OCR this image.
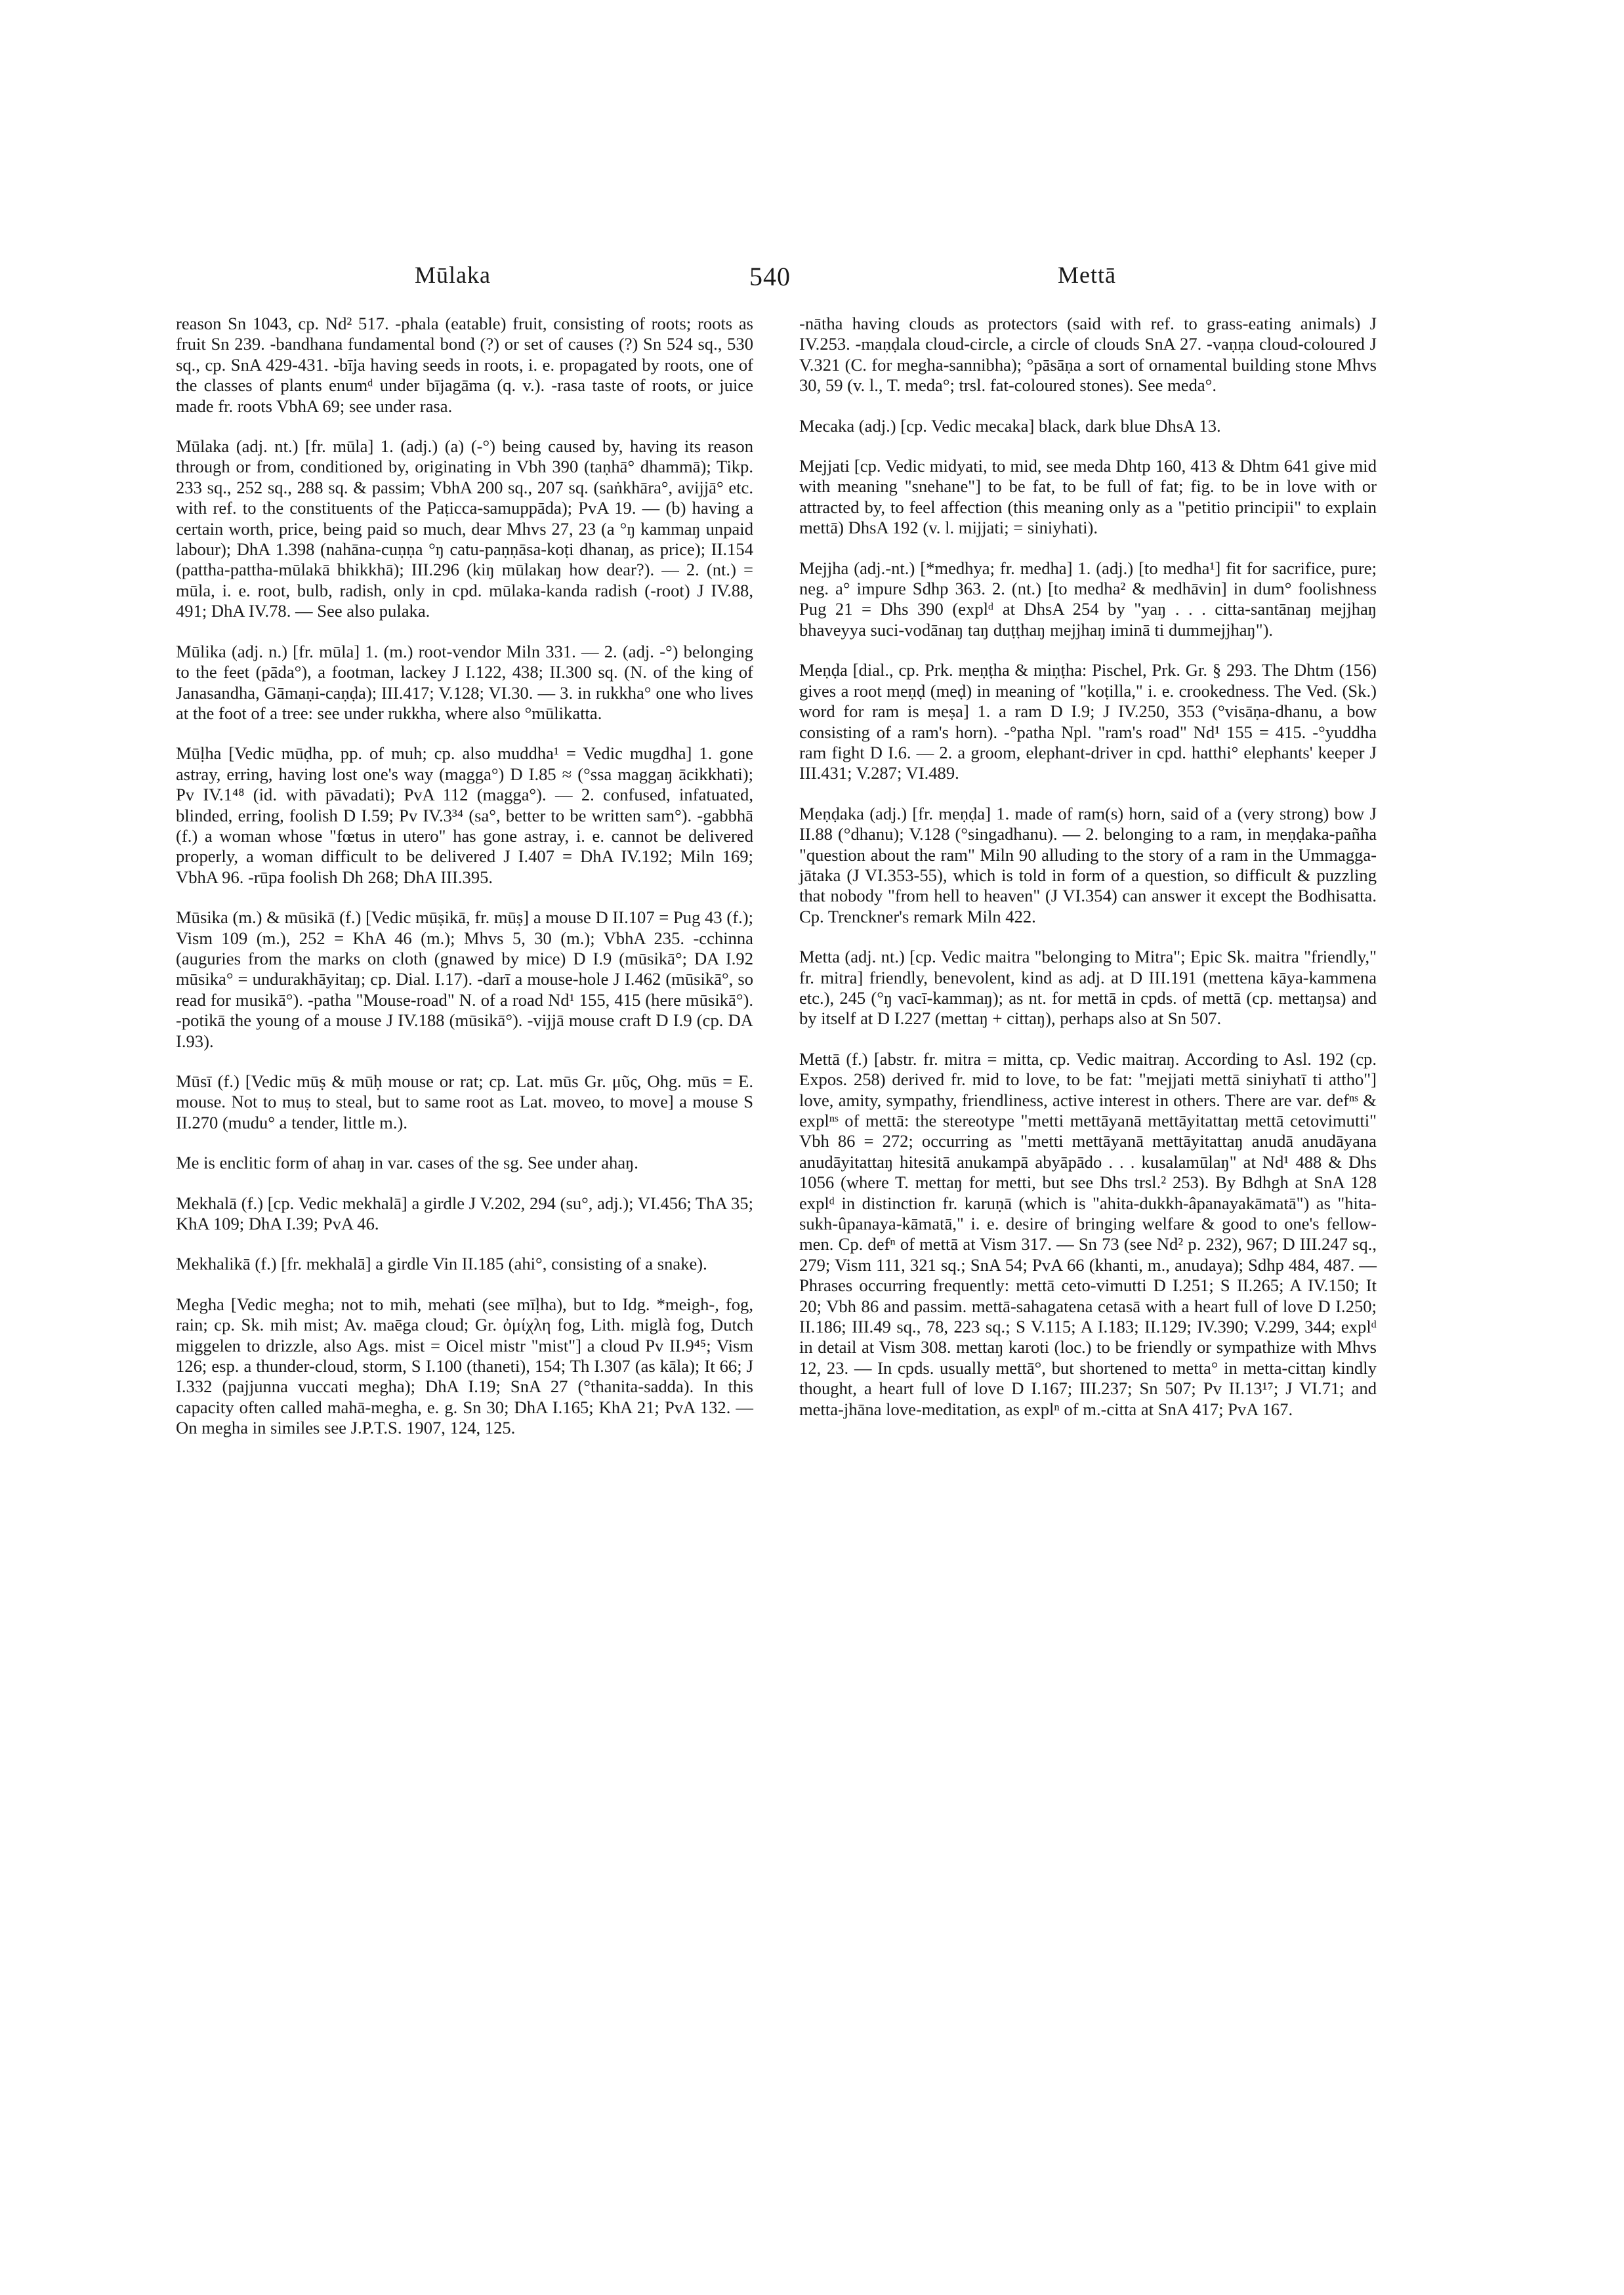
Mūlaka	540	Mettā

reason Sn 1043, cp. Nd² 517. -phala (eatable) fruit, consisting of roots; roots as fruit Sn 239. -bandhana fundamental bond (?) or set of causes (?) Sn 524 sq., 530 sq., cp. SnA 429-431. -bīja having seeds in roots, i. e. propagated by roots, one of the classes of plants enumᵈ under bījagāma (q. v.). -rasa taste of roots, or juice made fr. roots VbhA 69; see under rasa.

Mūlaka (adj. nt.) [fr. mūla] 1. (adj.) (a) (-°) being caused by, having its reason through or from, conditioned by, originating in Vbh 390 (taṇhā° dhammā); Tikp. 233 sq., 252 sq., 288 sq. & passim; VbhA 200 sq., 207 sq. (saṅkhāra°, avijjā° etc. with ref. to the constituents of the Paṭicca-samuppāda); PvA 19. — (b) having a certain worth, price, being paid so much, dear Mhvs 27, 23 (a °ŋ kammaŋ unpaid labour); DhA 1.398 (nahāna-cuṇṇa °ŋ catu-paṇṇāsa-koṭi dhanaŋ, as price); II.154 (pattha-pattha-mūlakā bhikkhā); III.296 (kiŋ mūlakaŋ how dear?). — 2. (nt.) = mūla, i. e. root, bulb, radish, only in cpd. mūlaka-kanda radish (-root) J IV.88, 491; DhA IV.78. — See also pulaka.

Mūlika (adj. n.) [fr. mūla] 1. (m.) root-vendor Miln 331. — 2. (adj. -°) belonging to the feet (pāda°), a footman, lackey J I.122, 438; II.300 sq. (N. of the king of Janasandha, Gāmaṇi-caṇḍa); III.417; V.128; VI.30. — 3. in rukkha° one who lives at the foot of a tree: see under rukkha, where also °mūlikatta.

Mūḷha [Vedic mūḍha, pp. of muh; cp. also muddha¹ = Vedic mugdha] 1. gone astray, erring, having lost one's way (magga°) D I.85 ≈ (°ssa maggaŋ ācikkhati); Pv IV.1⁴⁸ (id. with pāvadati); PvA 112 (magga°). — 2. confused, infatuated, blinded, erring, foolish D I.59; Pv IV.3³⁴ (sa°, better to be written sam°). -gabbhā (f.) a woman whose "fœtus in utero" has gone astray, i. e. cannot be delivered properly, a woman difficult to be delivered J I.407 = DhA IV.192; Miln 169; VbhA 96. -rūpa foolish Dh 268; DhA III.395.

Mūsika (m.) & mūsikā (f.) [Vedic mūṣikā, fr. mūṣ] a mouse D II.107 = Pug 43 (f.); Vism 109 (m.), 252 = KhA 46 (m.); Mhvs 5, 30 (m.); VbhA 235. -cchinna (auguries from the marks on cloth (gnawed by mice) D I.9 (mūsikā°; DA I.92 mūsika° = undurakhāyitaŋ; cp. Dial. I.17). -darī a mouse-hole J I.462 (mūsikā°, so read for musikā°). -patha "Mouse-road" N. of a road Nd¹ 155, 415 (here mūsikā°). -potikā the young of a mouse J IV.188 (mūsikā°). -vijjā mouse craft D I.9 (cp. DA I.93).

Mūsī (f.) [Vedic mūṣ & mūḥ mouse or rat; cp. Lat. mūs Gr. μῦς, Ohg. mūs = E. mouse. Not to muṣ to steal, but to same root as Lat. moveo, to move] a mouse S II.270 (mudu° a tender, little m.).

Me is enclitic form of ahaŋ in var. cases of the sg. See under ahaŋ.

Mekhalā (f.) [cp. Vedic mekhalā] a girdle J V.202, 294 (su°, adj.); VI.456; ThA 35; KhA 109; DhA I.39; PvA 46.

Mekhalikā (f.) [fr. mekhalā] a girdle Vin II.185 (ahi°, consisting of a snake).

Megha [Vedic megha; not to mih, mehati (see mīḷha), but to Idg. *meigh-, fog, rain; cp. Sk. mih mist; Av. maēga cloud; Gr. ὀμίχλη fog, Lith. miglà fog, Dutch miggelen to drizzle, also Ags. mist = Oicel mistr "mist"] a cloud Pv II.9⁴⁵; Vism 126; esp. a thunder-cloud, storm, S I.100 (thaneti), 154; Th I.307 (as kāla); It 66; J I.332 (pajjunna vuccati megha); DhA I.19; SnA 27 (°thanita-sadda). In this capacity often called mahā-megha, e. g. Sn 30; DhA I.165; KhA 21; PvA 132. — On megha in similes see J.P.T.S. 1907, 124, 125.

-nātha having clouds as protectors (said with ref. to grass-eating animals) J IV.253. -maṇḍala cloud-circle, a circle of clouds SnA 27. -vaṇṇa cloud-coloured J V.321 (C. for megha-sannibha); °pāsāṇa a sort of ornamental building stone Mhvs 30, 59 (v. l., T. meda°; trsl. fat-coloured stones). See meda°.

Mecaka (adj.) [cp. Vedic mecaka] black, dark blue DhsA 13.

Mejjati [cp. Vedic midyati, to mid, see meda Dhtp 160, 413 & Dhtm 641 give mid with meaning "snehane"] to be fat, to be full of fat; fig. to be in love with or attracted by, to feel affection (this meaning only as a "petitio principii" to explain mettā) DhsA 192 (v. l. mijjati; = siniyhati).

Mejjha (adj.-nt.) [*medhya; fr. medha] 1. (adj.) [to medha¹] fit for sacrifice, pure; neg. a° impure Sdhp 363. 2. (nt.) [to medha² & medhāvin] in dum° foolishness Pug 21 = Dhs 390 (explᵈ at DhsA 254 by "yaŋ . . . citta-santānaŋ mejjhaŋ bhaveyya suci-vodānaŋ taŋ duṭṭhaŋ mejjhaŋ iminā ti dummejjhaŋ").

Meṇḍa [dial., cp. Prk. meṇṭha & miṇṭha: Pischel, Prk. Gr. § 293. The Dhtm (156) gives a root meṇḍ (meḍ) in meaning of "koṭilla," i. e. crookedness. The Ved. (Sk.) word for ram is meṣa] 1. a ram D I.9; J IV.250, 353 (°visāṇa-dhanu, a bow consisting of a ram's horn). -°patha Npl. "ram's road" Nd¹ 155 = 415. -°yuddha ram fight D I.6. — 2. a groom, elephant-driver in cpd. hatthi° elephants' keeper J III.431; V.287; VI.489.

Meṇḍaka (adj.) [fr. meṇḍa] 1. made of ram(s) horn, said of a (very strong) bow J II.88 (°dhanu); V.128 (°singadhanu). — 2. belonging to a ram, in meṇḍaka-pañha "question about the ram" Miln 90 alluding to the story of a ram in the Ummagga-jātaka (J VI.353-55), which is told in form of a question, so difficult & puzzling that nobody "from hell to heaven" (J VI.354) can answer it except the Bodhisatta. Cp. Trenckner's remark Miln 422.

Metta (adj. nt.) [cp. Vedic maitra "belonging to Mitra"; Epic Sk. maitra "friendly," fr. mitra] friendly, benevolent, kind as adj. at D III.191 (mettena kāya-kammena etc.), 245 (°ŋ vacī-kammaŋ); as nt. for mettā in cpds. of mettā (cp. mettaŋsa) and by itself at D I.227 (mettaŋ + cittaŋ), perhaps also at Sn 507.

Mettā (f.) [abstr. fr. mitra = mitta, cp. Vedic maitraŋ. According to Asl. 192 (cp. Expos. 258) derived fr. mid to love, to be fat: "mejjati mettā siniyhatī ti attho"] love, amity, sympathy, friendliness, active interest in others. There are var. defⁿˢ & explⁿˢ of mettā: the stereotype "metti mettāyanā mettāyitattaŋ mettā cetovimutti" Vbh 86 = 272; occurring as "metti mettāyanā mettāyitattaŋ anudā anudāyana anudāyitattaŋ hitesitā anukampā abyāpādo . . . kusalamūlaŋ" at Nd¹ 488 & Dhs 1056 (where T. mettaŋ for metti, but see Dhs trsl.² 253). By Bdhgh at SnA 128 explᵈ in distinction fr. karuṇā (which is "ahita-dukkh-âpanayakāmatā") as "hita-sukh-ûpanaya-kāmatā," i. e. desire of bringing welfare & good to one's fellow-men. Cp. defⁿ of mettā at Vism 317. — Sn 73 (see Nd² p. 232), 967; D III.247 sq., 279; Vism 111, 321 sq.; SnA 54; PvA 66 (khanti, m., anudaya); Sdhp 484, 487. — Phrases occurring frequently: mettā ceto-vimutti D I.251; S II.265; A IV.150; It 20; Vbh 86 and passim. mettā-sahagatena cetasā with a heart full of love D I.250; II.186; III.49 sq., 78, 223 sq.; S V.115; A I.183; II.129; IV.390; V.299, 344; explᵈ in detail at Vism 308. mettaŋ karoti (loc.) to be friendly or sympathize with Mhvs 12, 23. — In cpds. usually mettā°, but shortened to metta° in metta-cittaŋ kindly thought, a heart full of love D I.167; III.237; Sn 507; Pv II.13¹⁷; J VI.71; and metta-jhāna love-meditation, as explⁿ of m.-citta at SnA 417; PvA 167.
